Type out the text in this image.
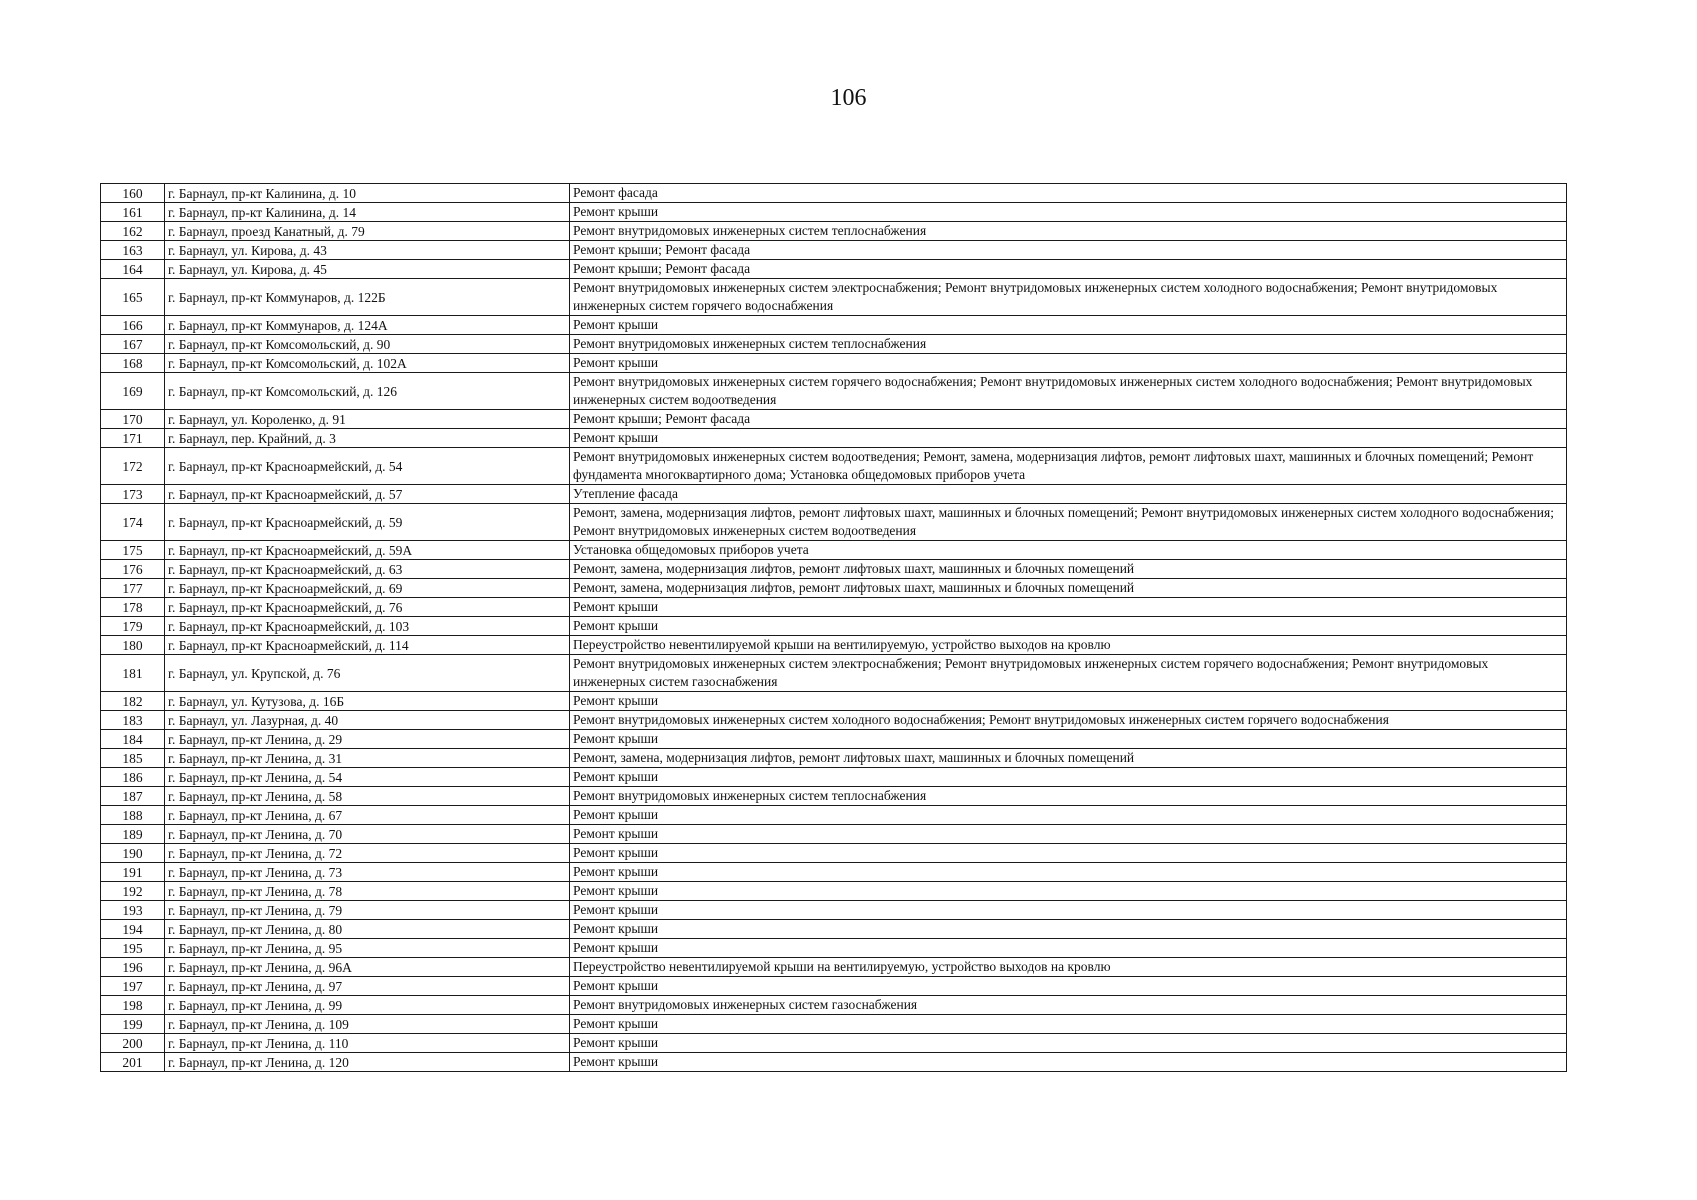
106
160	г. Барнаул, пр-кт Калинина, д. 10	Ремонт фасада
161	г. Барнаул, пр-кт Калинина, д. 14	Ремонт крыши
162	г. Барнаул, проезд Канатный, д. 79	Ремонт внутридомовых инженерных систем теплоснабжения
163	г. Барнаул, ул. Кирова, д. 43	Ремонт крыши; Ремонт фасада
164	г. Барнаул, ул. Кирова, д. 45	Ремонт крыши; Ремонт фасада
165	г. Барнаул, пр-кт Коммунаров, д. 122Б	Ремонт внутридомовых инженерных систем электроснабжения; Ремонт внутридомовых инженерных систем холодного водоснабжения; Ремонт внутридомовых инженерных систем горячего водоснабжения
166	г. Барнаул, пр-кт Коммунаров, д. 124А	Ремонт крыши
167	г. Барнаул, пр-кт Комсомольский, д. 90	Ремонт внутридомовых инженерных систем теплоснабжения
168	г. Барнаул, пр-кт Комсомольский, д. 102А	Ремонт крыши
169	г. Барнаул, пр-кт Комсомольский, д. 126	Ремонт внутридомовых инженерных систем горячего водоснабжения; Ремонт внутридомовых инженерных систем холодного водоснабжения; Ремонт внутридомовых инженерных систем водоотведения
170	г. Барнаул, ул. Короленко, д. 91	Ремонт крыши; Ремонт фасада
171	г. Барнаул, пер. Крайний, д. 3	Ремонт крыши
172	г. Барнаул, пр-кт Красноармейский, д. 54	Ремонт внутридомовых инженерных систем водоотведения; Ремонт, замена, модернизация лифтов, ремонт лифтовых шахт, машинных и блочных помещений; Ремонт фундамента многоквартирного дома; Установка общедомовых приборов учета
173	г. Барнаул, пр-кт Красноармейский, д. 57	Утепление фасада
174	г. Барнаул, пр-кт Красноармейский, д. 59	Ремонт, замена, модернизация лифтов, ремонт лифтовых шахт, машинных и блочных помещений; Ремонт внутридомовых инженерных систем холодного водоснабжения; Ремонт внутридомовых инженерных систем водоотведения
175	г. Барнаул, пр-кт Красноармейский, д. 59А	Установка общедомовых приборов учета
176	г. Барнаул, пр-кт Красноармейский, д. 63	Ремонт, замена, модернизация лифтов, ремонт лифтовых шахт, машинных и блочных помещений
177	г. Барнаул, пр-кт Красноармейский, д. 69	Ремонт, замена, модернизация лифтов, ремонт лифтовых шахт, машинных и блочных помещений
178	г. Барнаул, пр-кт Красноармейский, д. 76	Ремонт крыши
179	г. Барнаул, пр-кт Красноармейский, д. 103	Ремонт крыши
180	г. Барнаул, пр-кт Красноармейский, д. 114	Переустройство невентилируемой крыши на вентилируемую, устройство выходов на кровлю
181	г. Барнаул, ул. Крупской, д. 76	Ремонт внутридомовых инженерных систем электроснабжения; Ремонт внутридомовых инженерных систем горячего водоснабжения; Ремонт внутридомовых инженерных систем газоснабжения
182	г. Барнаул, ул. Кутузова, д. 16Б	Ремонт крыши
183	г. Барнаул, ул. Лазурная, д. 40	Ремонт внутридомовых инженерных систем холодного водоснабжения; Ремонт внутридомовых инженерных систем горячего водоснабжения
184	г. Барнаул, пр-кт Ленина, д. 29	Ремонт крыши
185	г. Барнаул, пр-кт Ленина, д. 31	Ремонт, замена, модернизация лифтов, ремонт лифтовых шахт, машинных и блочных помещений
186	г. Барнаул, пр-кт Ленина, д. 54	Ремонт крыши
187	г. Барнаул, пр-кт Ленина, д. 58	Ремонт внутридомовых инженерных систем теплоснабжения
188	г. Барнаул, пр-кт Ленина, д. 67	Ремонт крыши
189	г. Барнаул, пр-кт Ленина, д. 70	Ремонт крыши
190	г. Барнаул, пр-кт Ленина, д. 72	Ремонт крыши
191	г. Барнаул, пр-кт Ленина, д. 73	Ремонт крыши
192	г. Барнаул, пр-кт Ленина, д. 78	Ремонт крыши
193	г. Барнаул, пр-кт Ленина, д. 79	Ремонт крыши
194	г. Барнаул, пр-кт Ленина, д. 80	Ремонт крыши
195	г. Барнаул, пр-кт Ленина, д. 95	Ремонт крыши
196	г. Барнаул, пр-кт Ленина, д. 96А	Переустройство невентилируемой крыши на вентилируемую, устройство выходов на кровлю
197	г. Барнаул, пр-кт Ленина, д. 97	Ремонт крыши
198	г. Барнаул, пр-кт Ленина, д. 99	Ремонт внутридомовых инженерных систем газоснабжения
199	г. Барнаул, пр-кт Ленина, д. 109	Ремонт крыши
200	г. Барнаул, пр-кт Ленина, д. 110	Ремонт крыши
201	г. Барнаул, пр-кт Ленина, д. 120	Ремонт крыши
